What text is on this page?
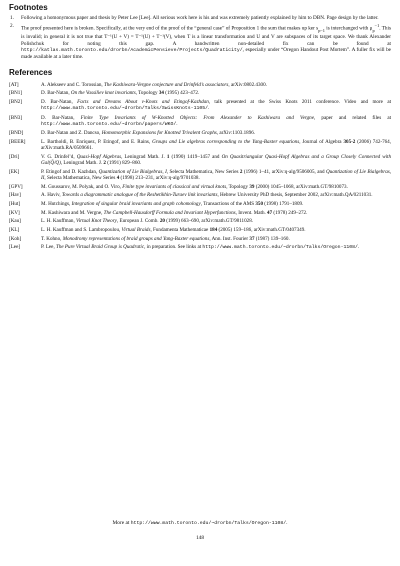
Footnotes
1. Following a homonymous paper and thesis by Peter Lee [Lee]. All serious work here is his and was extremely patiently explained by him to DBN. Page design by the latter.
2. The proof presented here is broken. Specifically, at the very end of the proof of the “general case” of Proposition 1 the sum that makes up ker $s_{p-1}$ is interchanged with $\mu_p^{-1}$. This is invalid; in general it is not true that T⁻¹(U + V) = T⁻¹(U) + T⁻¹(V), when T is a linear transformation and U and V are subspaces of its target space. We thank Alexander Polishchuk for noting this gap. A handwritten non-detailed fix can be found at http://katlas.math.toronto.edu/drorbn/AcademicPensieve/Projects/Quadraticity/, especially under “Oregon Handout Post Mortem”. A fuller fix will be made available at a later time.
References
[AT]	A. Alekseev and C. Torossian, The Kashiwara-Vergne conjecture and Drinfeld’s associators, arXiv:0802.4300.
[BN1]	D. Bar-Natan, On the Vassiliev knot invariants, Topology 34 (1995) 423–472.
[BN2]	D. Bar-Natan, Facts and Dreams About v-Knots and Etingof-Kazhdan, talk presented at the Swiss Knots 2011 conference. Video and more at http://www.math.toronto.edu/~drorbn/Talks/SwissKnots-1105/.
[BN3]	D. Bar-Natan, Finite Type Invariants of W-Knotted Objects: From Alexander to Kashiwara and Vergne, paper and related files at http://www.math.toronto.edu/~drorbn/papers/WKO/.
[BND]	D. Bar-Natan and Z. Dancso, Homomorphic Expansions for Knotted Trivalent Graphs, arXiv:1103.1896.
[BEER]	L. Bartholdi, B. Enriquez, P. Etingof, and E. Rains, Groups and Lie algebras corresponding to the Yang-Baxter equations, Journal of Algebra 305-2 (2006) 742-764, arXiv:math.RA/0509661.
[Dri]	V. G. Drinfel’d, Quasi-Hopf Algebras, Leningrad Math. J. 1 (1990) 1419–1457 and On Quasitriangular Quasi-Hopf Algebras and a Group Closely Connected with Gal(Q̄/Q), Leningrad Math. J. 2 (1991) 829–860.
[EK]	P. Etingof and D. Kazhdan, Quantization of Lie Bialgebras, I, Selecta Mathematica, New Series 2 (1996) 1–41, arXiv:q-alg/9506005, and Quantization of Lie Bialgebras, II, Selecta Mathematica, New Series 4 (1998) 213–231, arXiv:q-alg/9701038.
[GPV]	M. Goussarov, M. Polyak, and O. Viro, Finite type invariants of classical and virtual knots, Topology 39 (2000) 1045–1068, arXiv:math.GT/9810073.
[Hav]	A. Haviv, Towards a diagrammatic analogue of the Reshetikhin-Turaev link invariants, Hebrew University PhD thesis, September 2002, arXiv:math.QA/0211031.
[Hut]	M. Hutchings, Integration of singular braid invariants and graph cohomology, Transactions of the AMS 350 (1998) 1791–1809.
[KV]	M. Kashiwara and M. Vergne, The Campbell-Hausdorff Formula and Invariant Hyperfunctions, Invent. Math. 47 (1978) 249–272.
[Kau]	L. H. Kauffman, Virtual Knot Theory, European J. Comb. 20 (1999) 663–690, arXiv:math.GT/9811028.
[KL]	L. H. Kauffman and S. Lambropoulou, Virtual Braids, Fundamenta Mathematicae 184 (2005) 159–186, arXiv:math.GT/0407349.
[Koh]	T. Kohno, Monodromy representations of braid groups and Yang-Baxter equations, Ann. Inst. Fourier 37 (1987) 139–160.
[Lee]	P. Lee, The Pure Virtual Braid Group is Quadratic, in preparation. See links at http://www.math.toronto.edu/~drorbn/Talks/Oregon-1108/.
More at http://www.math.toronto.edu/~drorbn/Talks/Oregon-1108/.
148
